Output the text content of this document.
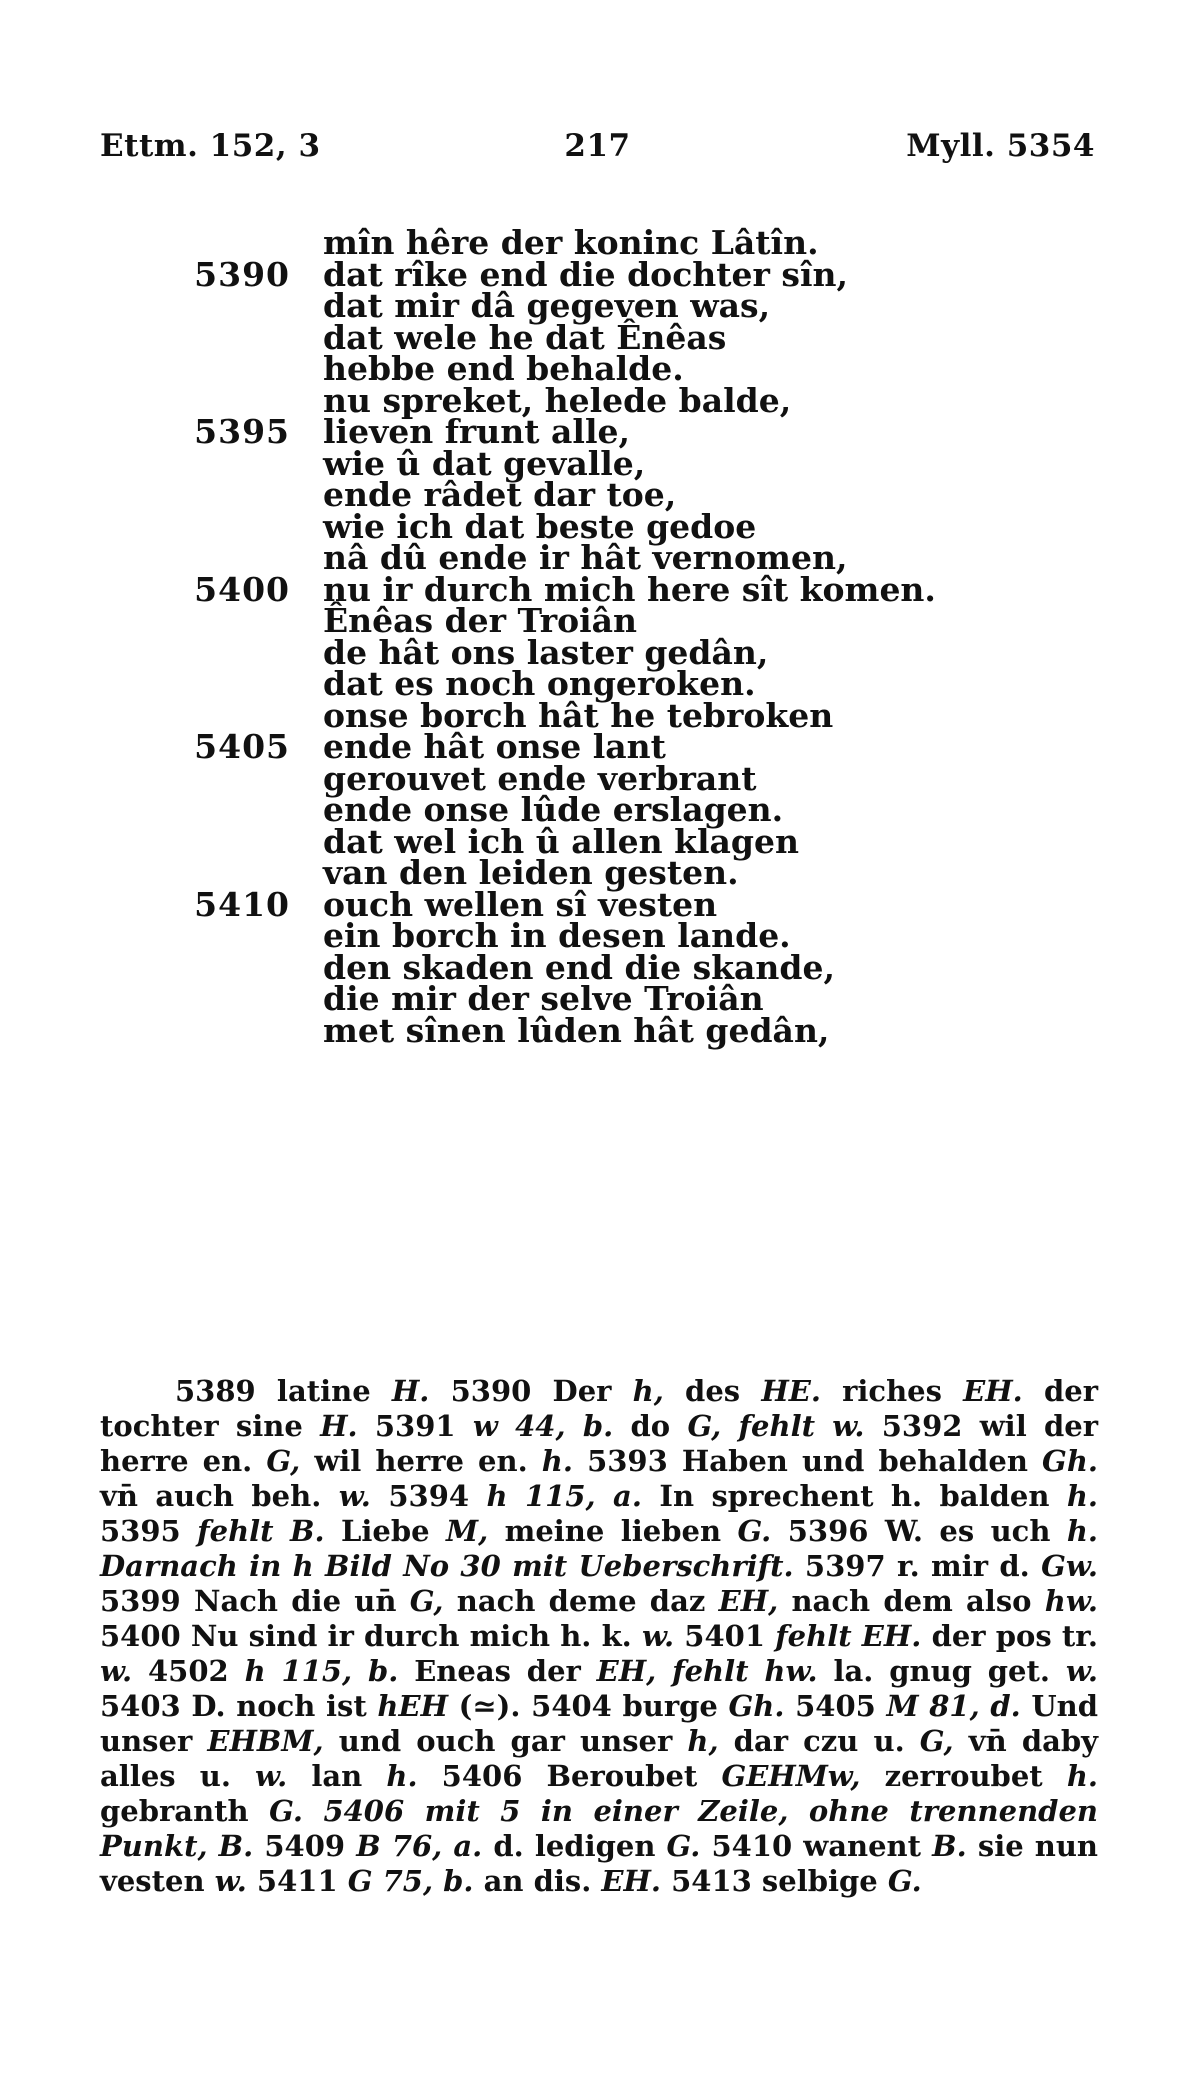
Ettm. 152, 3	217	Myll. 5354
mîn hêre der koninc Lâtîn.
5390 dat rîke end die dochter sîn,
dat mir dâ gegeven was,
dat wele he dat Ênêas
hebbe end behalde.
nu spreket, helede balde,
5395 lieven frunt alle,
wie û dat gevalle,
ende râdet dar toe,
wie ich dat beste gedoe
nâ dû ende ir hât vernomen,
5400 nu ir durch mich here sît komen.
Ênêas der Troiân
de hât ons laster gedân,
dat es noch ongeroken.
onse borch hât he tebroken
5405 ende hât onse lant
gerouvet ende verbrant
ende onse lûde erslagen.
dat wel ich û allen klagen
van den leiden gesten.
5410 ouch wellen sî vesten
ein borch in desen lande.
den skaden end die skande,
die mir der selve Troiân
met sînen lûden hât gedân,
5389 latine H. 5390 Der h, des HE. riches EH. der tochter sine H. 5391 w 44, b. do G, fehlt w. 5392 wil der herre en. G, wil herre en. h. 5393 Haben und behalden Gh. vn̄ auch beh. w. 5394 h 115, a. In sprechent h. balden h. 5395 fehlt B. Liebe M, meine lieben G. 5396 W. es uch h. Darnach in h Bild No 30 mit Ueberschrift. 5397 r. mir d. Gw. 5399 Nach die un̄ G, nach deme daz EH, nach dem also hw. 5400 Nu sind ir durch mich h. k. w. 5401 fehlt EH. der pos tr. w. 4502 h 115, b. Eneas der EH, fehlt hw. la. gnug get. w. 5403 D. noch ist hEH (≃). 5404 burge Gh. 5405 M 81, d. Und unser EHBM, und ouch gar unser h, dar czu u. G, vn̄ daby alles u. w. lan h. 5406 Beroubet GEHMw, zerroubet h. gebranth G. 5406 mit 5 in einer Zeile, ohne trennenden Punkt, B. 5409 B 76, a. d. ledigen G. 5410 wanent B. sie nun vesten w. 5411 G 75, b. an dis. EH. 5413 selbige G.
